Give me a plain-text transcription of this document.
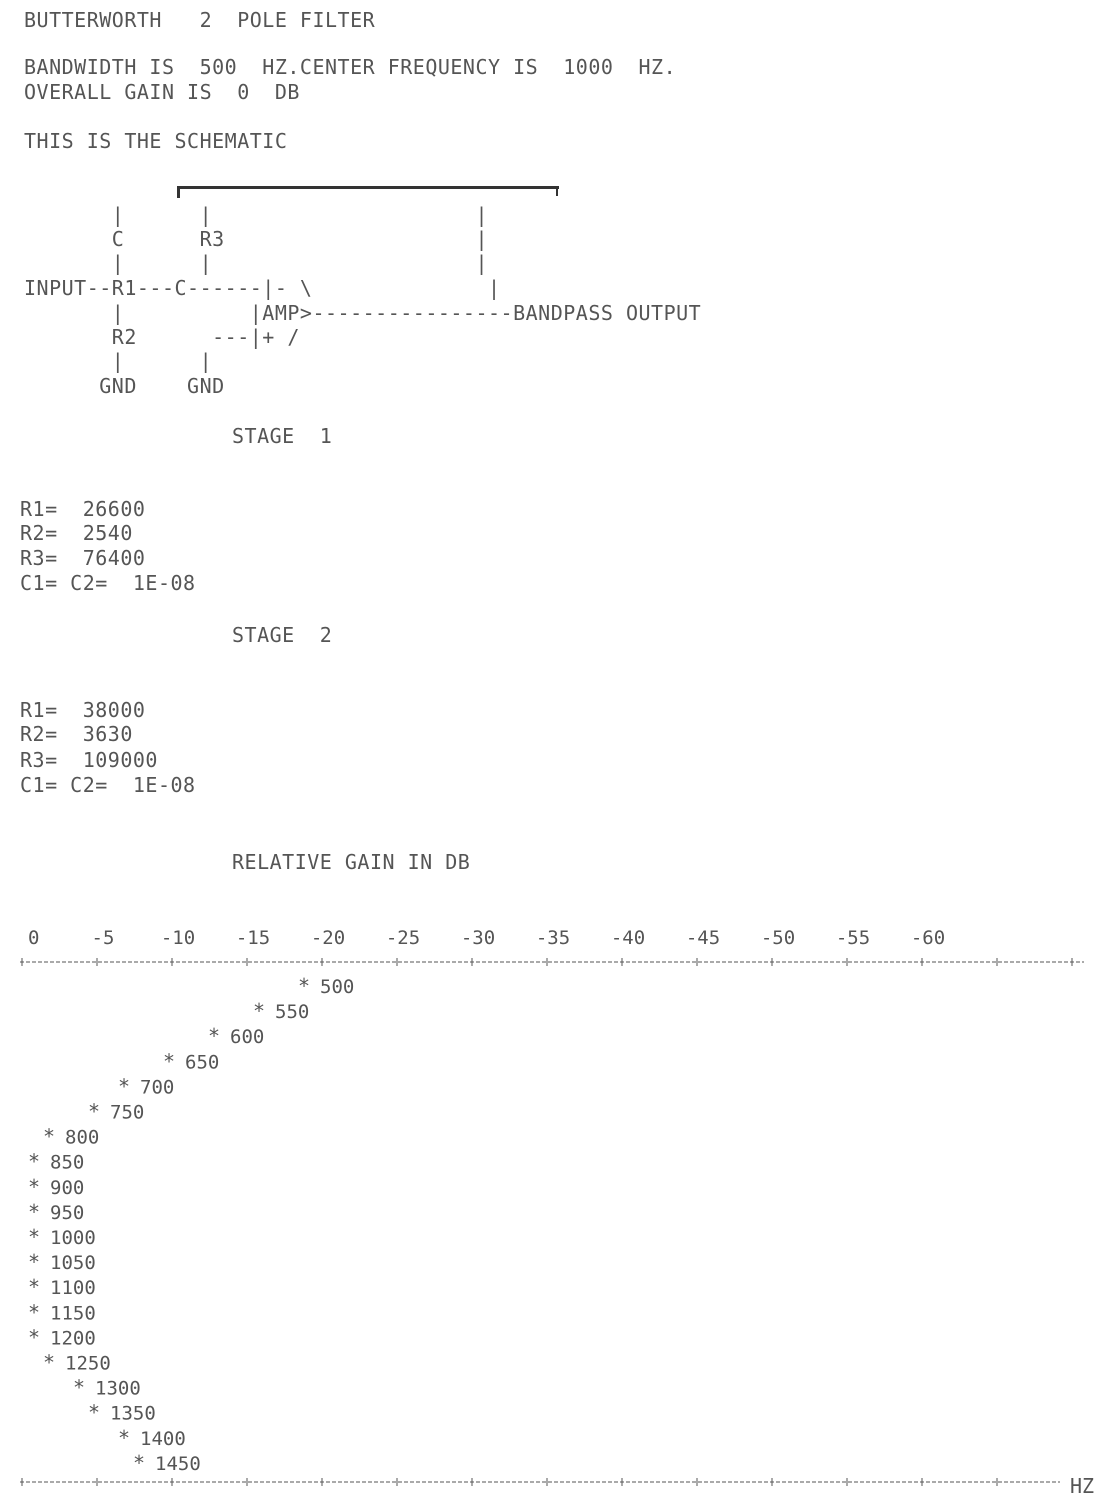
BUTTERWORTH   2  POLE FILTER
BANDWIDTH IS  500  HZ.CENTER FREQUENCY IS  1000  HZ.
OVERALL GAIN IS  0  DB
THIS IS THE SCHEMATIC
|      |                     |
C      R3                    |
|      |                     |
INPUT--R1---C------|- \              |
|          |AMP>----------------BANDPASS OUTPUT
R2      ---|+ /
|      |
GND    GND
STAGE  1
R1=  26600
R2=  2540
R3=  76400
C1= C2=  1E-08
STAGE  2
R1=  38000
R2=  3630
R3=  109000
C1= C2=  1E-08
RELATIVE GAIN IN DB
0	-5 -10 -15 -20 -25 -30 -35 -40 -45 -50 -55 -60
* 500
* 550
* 600
* 650
* 700
* 750
* 800
* 850
* 900
* 950
* 1000
* 1050
* 1100
* 1150
* 1200
* 1250
* 1300
* 1350
* 1400
* 1450
HZ
